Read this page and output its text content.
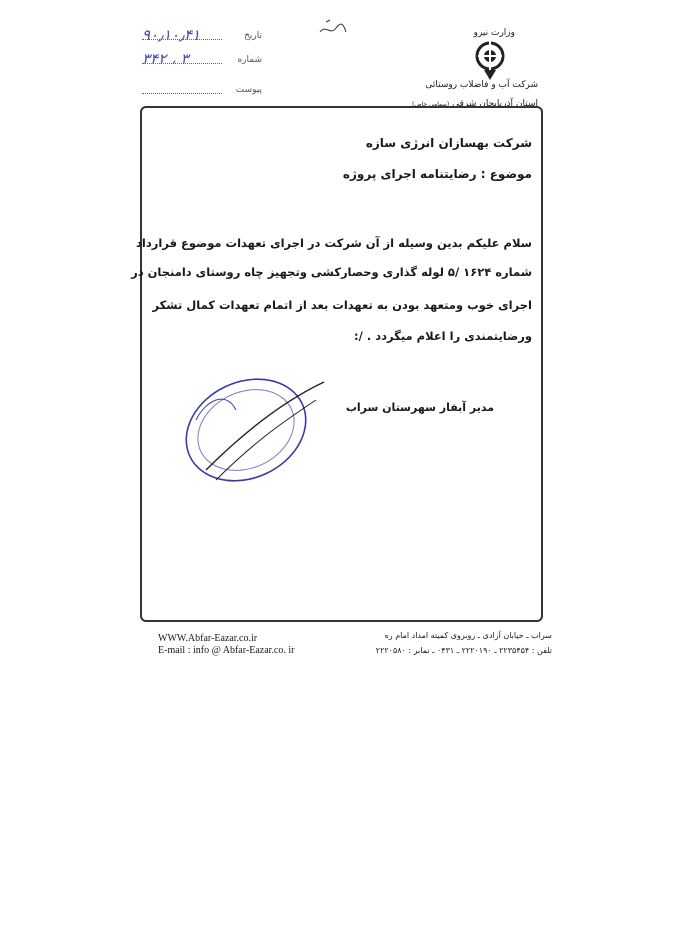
وزارت نیرو
شرکت آب و فاضلاب روستائی
استان آذربایجان شرقی (سهامی خاص)
۹۰٫۱۰٫۴۱	تاریخ
۳۴۲ ، ۳	شماره
پیوست
شرکت بهسازان انرژی سازه
موضوع : رضایتنامه اجرای پروژه
سلام علیکم بدین وسیله از آن شرکت در اجرای تعهدات موضوع قرارداد
شماره ۱۶۲۴ /۵ لوله گذاری وحصارکشی وتجهیز چاه روستای دامنجان در
اجرای خوب ومتعهد بودن به تعهدات بعد از اتمام تعهدات کمال تشکر
ورضایتمندی را اعلام میگردد . /:
مدیر آبفار سهرستان سراب
WWW.Abfar-Eazar.co.ir
E-mail : info @ Abfar-Eazar.co. ir
سراب ـ خیابان آزادی ـ روبروی کمیته امداد امام ره
تلفن : ۲۲۳۵۴۵۴ ـ ۲۲۲۰۱۹۰ ـ ۰۴۳۱ ـ نمابر : ۲۲۲۰۵۸۰
